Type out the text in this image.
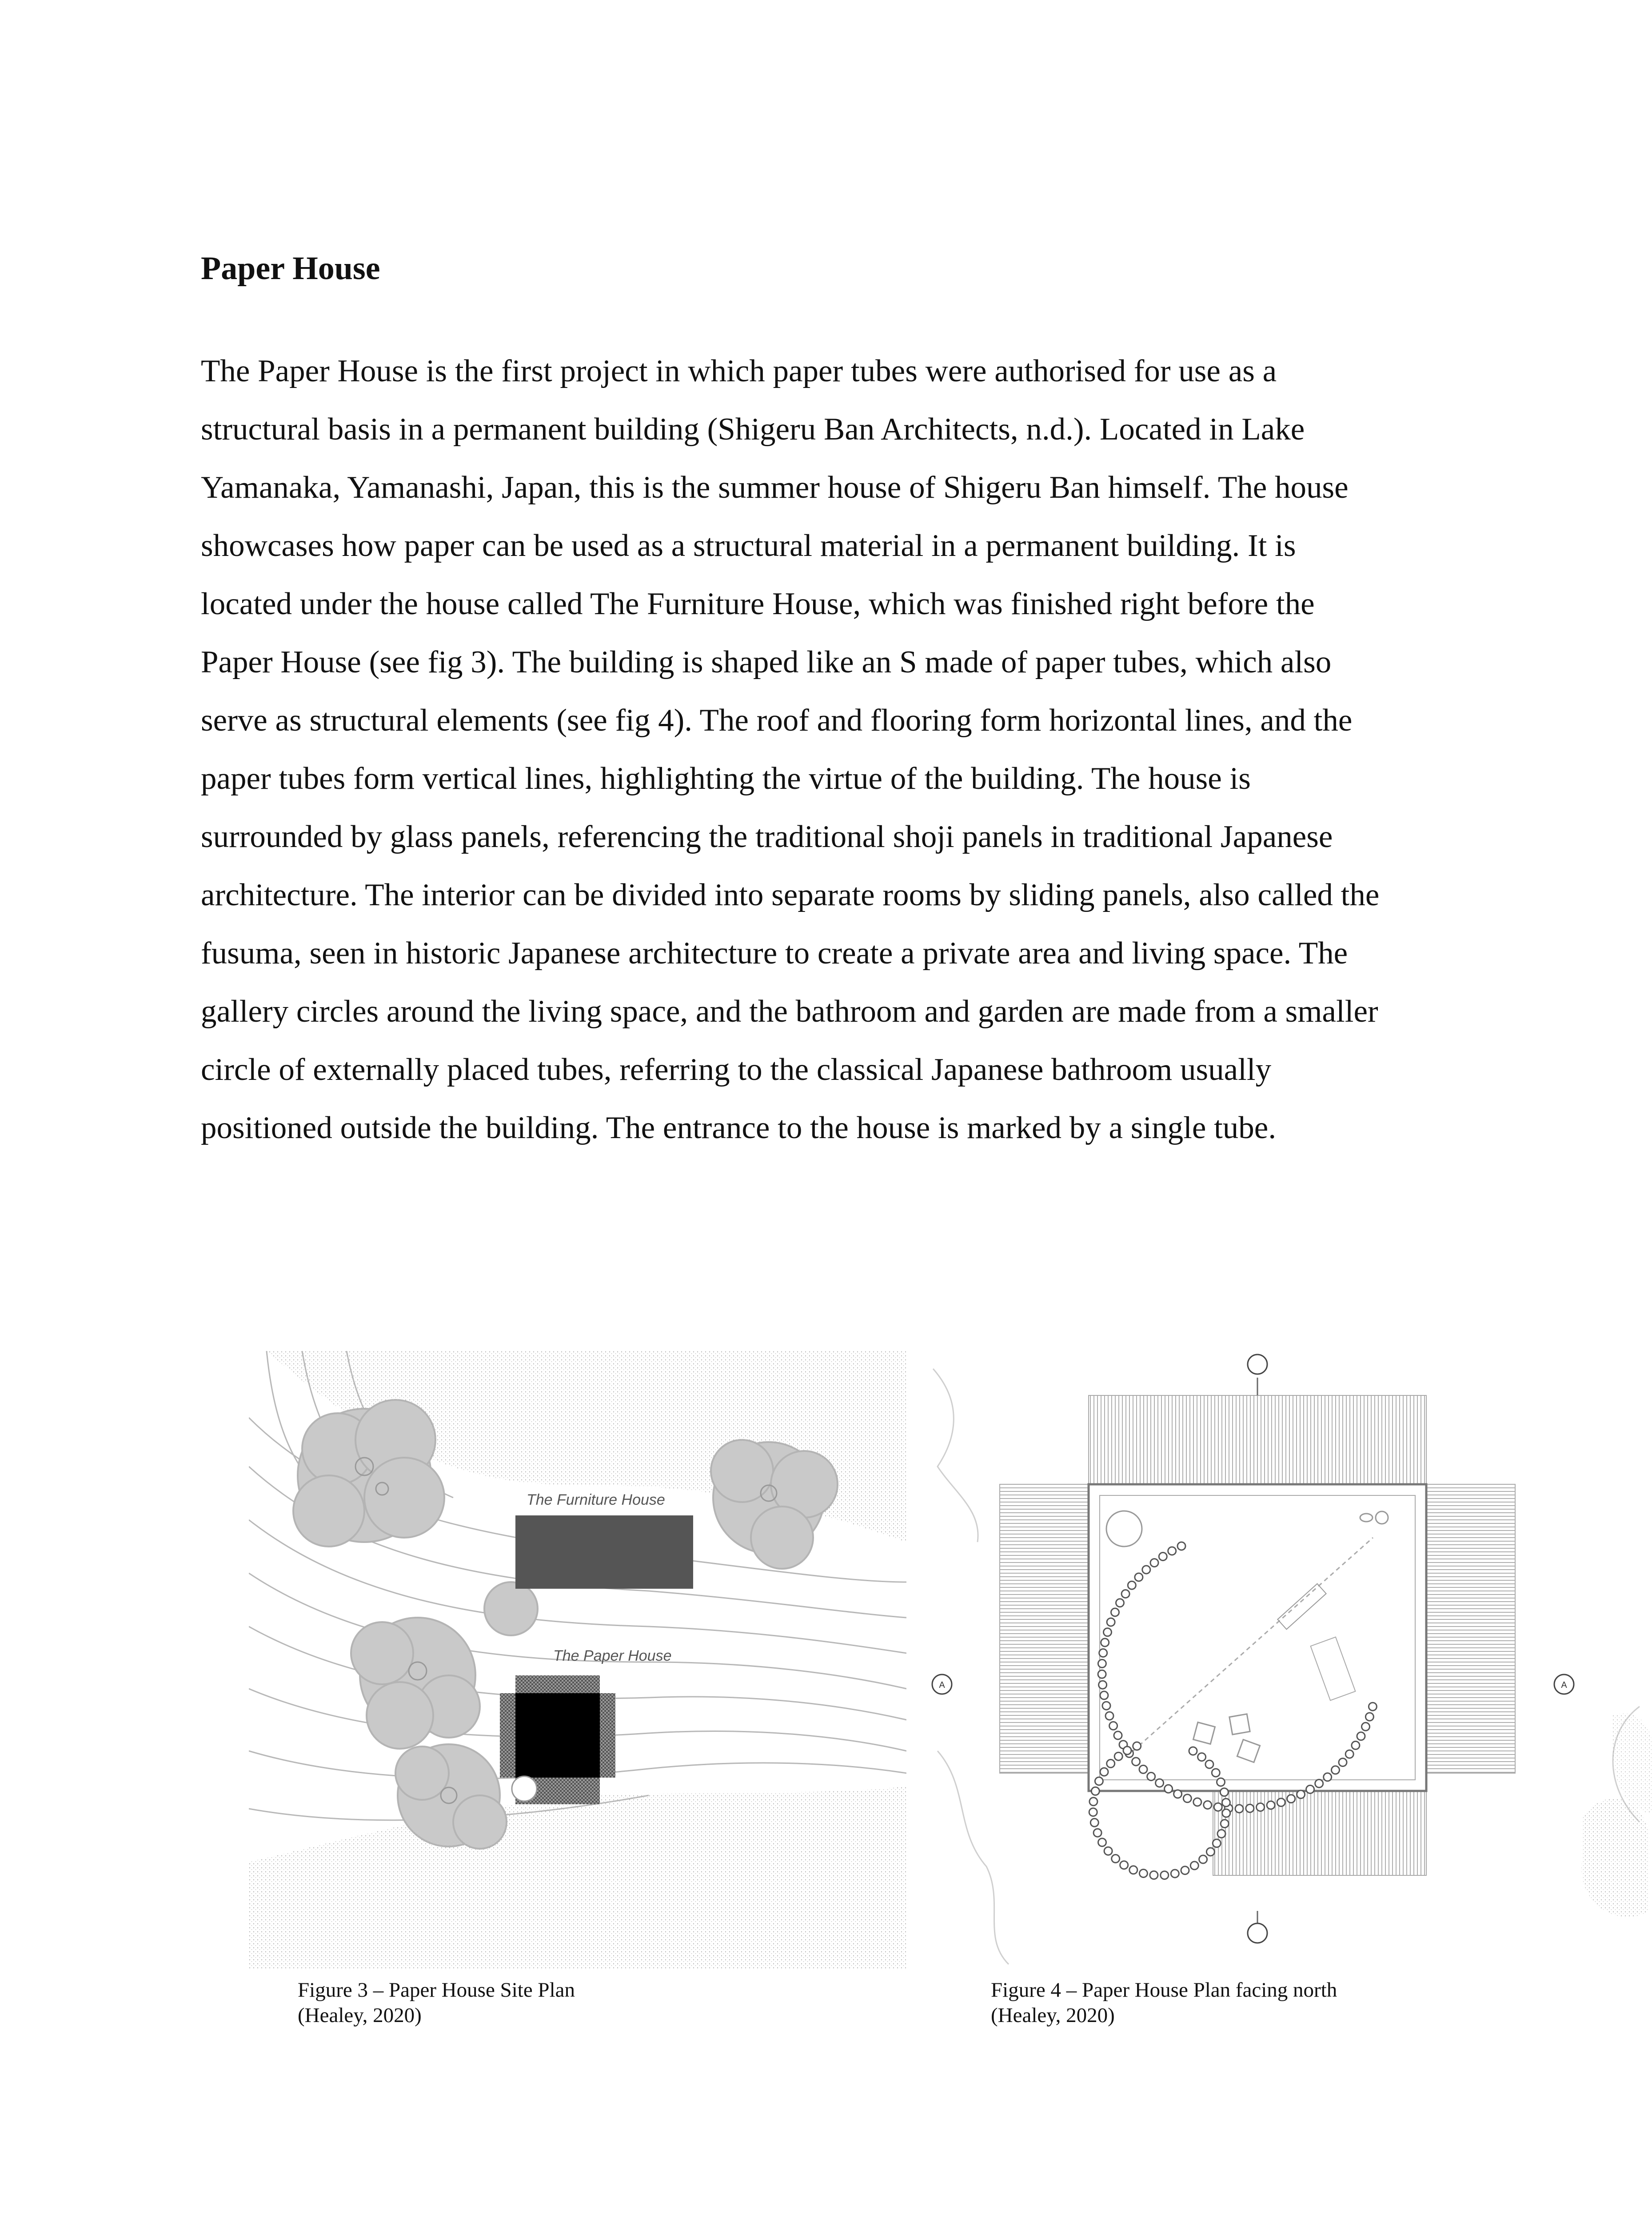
Paper House
The Paper House is the first project in which paper tubes were authorised for use as a
structural basis in a permanent building (Shigeru Ban Architects, n.d.). Located in Lake
Yamanaka, Yamanashi, Japan, this is the summer house of Shigeru Ban himself. The house
showcases how paper can be used as a structural material in a permanent building. It is
located under the house called The Furniture House, which was finished right before the
Paper House (see fig 3). The building is shaped like an S made of paper tubes, which also
serve as structural elements (see fig 4). The roof and flooring form horizontal lines, and the
paper tubes form vertical lines, highlighting the virtue of the building. The house is
surrounded by glass panels, referencing the traditional shoji panels in traditional Japanese
architecture. The interior can be divided into separate rooms by sliding panels, also called the
fusuma, seen in historic Japanese architecture to create a private area and living space. The
gallery circles around the living space, and the bathroom and garden are made from a smaller
circle of externally placed tubes, referring to the classical Japanese bathroom usually
positioned outside the building. The entrance to the house is marked by a single tube.
The Furniture House
The Paper House
A	A

Figure 3 – Paper House Site Plan
(Healey, 2020)

Figure 4 – Paper House Plan facing north
(Healey, 2020)
